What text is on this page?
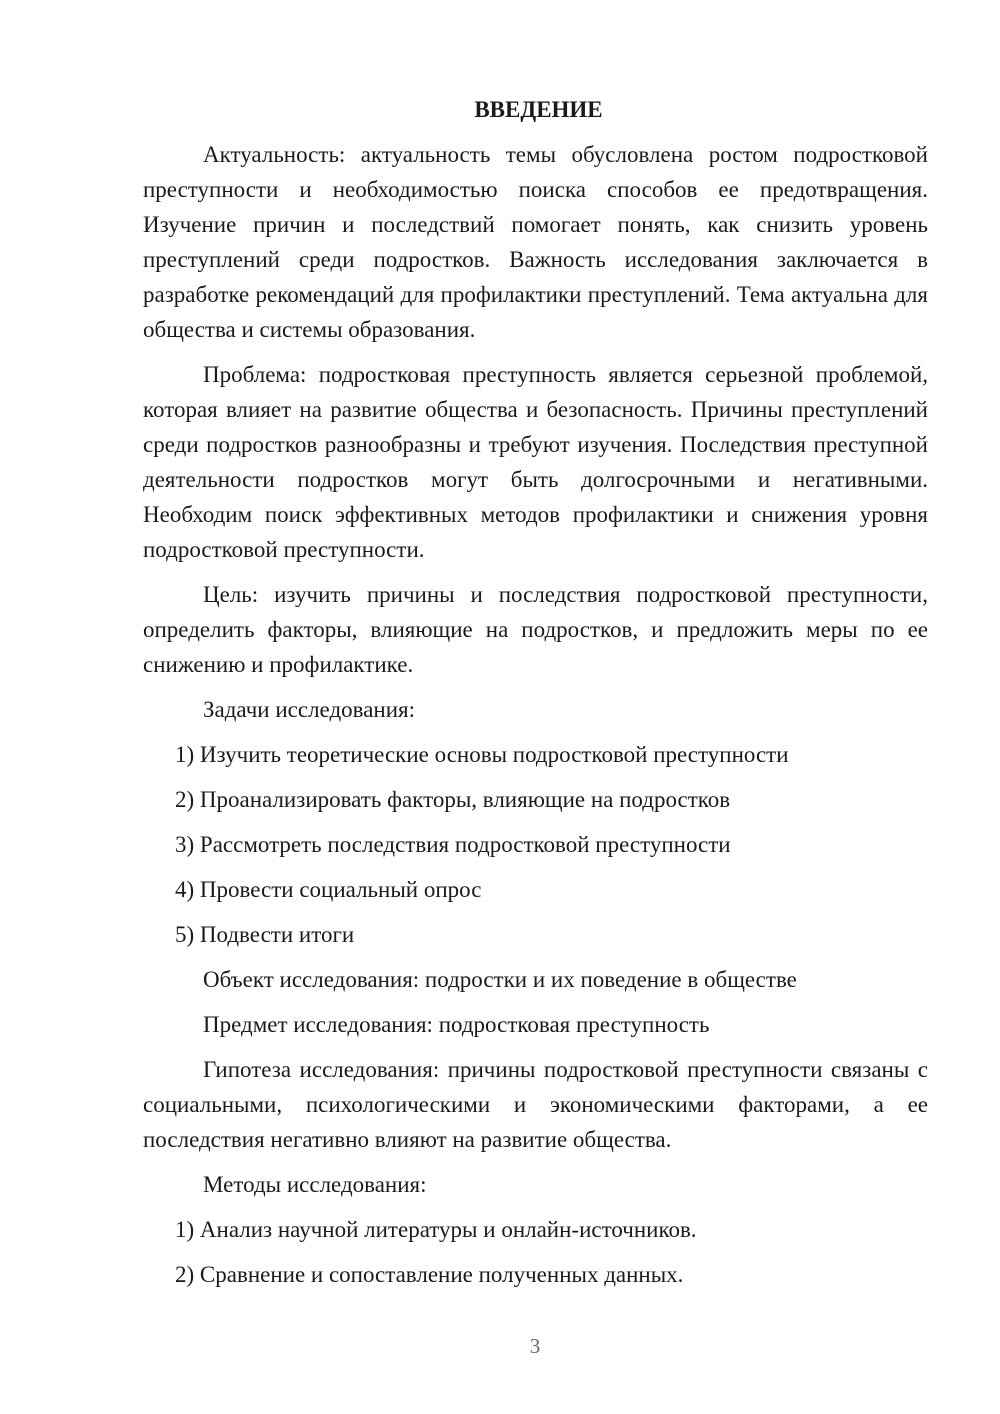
ВВЕДЕНИЕ

Актуальность: актуальность темы обусловлена ростом подростковой преступности и необходимостью поиска способов ее предотвращения. Изучение причин и последствий помогает понять, как снизить уровень преступлений среди подростков. Важность исследования заключается в разработке рекомендаций для профилактики преступлений. Тема актуальна для общества и системы образования.

Проблема: подростковая преступность является серьезной проблемой, которая влияет на развитие общества и безопасность. Причины преступлений среди подростков разнообразны и требуют изучения. Последствия преступной деятельности подростков могут быть долгосрочными и негативными. Необходим поиск эффективных методов профилактики и снижения уровня подростковой преступности.

Цель: изучить причины и последствия подростковой преступности, определить факторы, влияющие на подростков, и предложить меры по ее снижению и профилактике.

Задачи исследования:
1) Изучить теоретические основы подростковой преступности
2) Проанализировать факторы, влияющие на подростков
3) Рассмотреть последствия подростковой преступности
4) Провести социальный опрос
5) Подвести итоги
Объект исследования: подростки и их поведение в обществе
Предмет исследования: подростковая преступность

Гипотеза исследования: причины подростковой преступности связаны с социальными, психологическими и экономическими факторами, а ее последствия негативно влияют на развитие общества.

Методы исследования:
1) Анализ научной литературы и онлайн-источников.
2) Сравнение и сопоставление полученных данных.
3
